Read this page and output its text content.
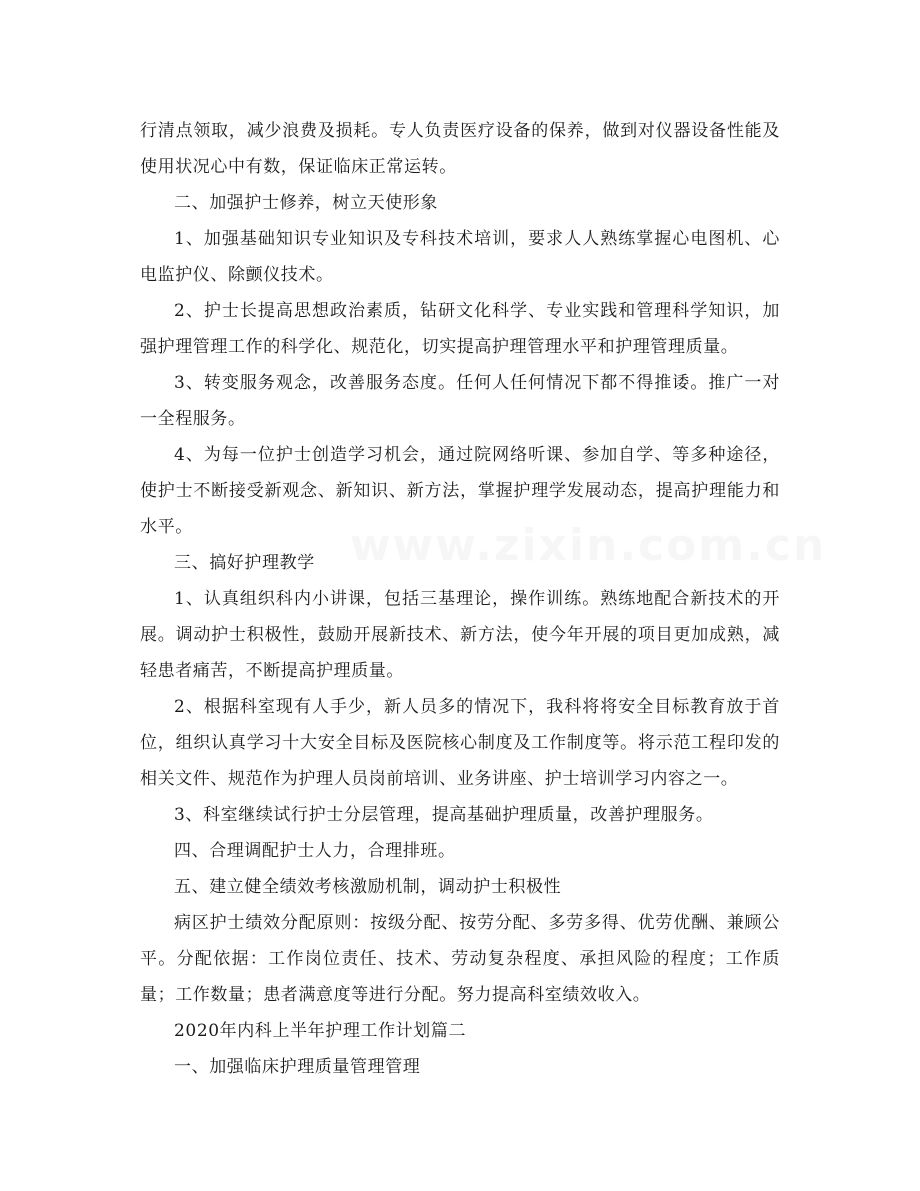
行清点领取，减少浪费及损耗。专人负责医疗设备的保养，做到对仪器设备性能及使用状况心中有数，保证临床正常运转。

二、加强护士修养，树立天使形象

1、加强基础知识专业知识及专科技术培训，要求人人熟练掌握心电图机、心电监护仪、除颤仪技术。

2、护士长提高思想政治素质，钻研文化科学、专业实践和管理科学知识，加强护理管理工作的科学化、规范化，切实提高护理管理水平和护理管理质量。

3、转变服务观念，改善服务态度。任何人任何情况下都不得推诿。推广一对一全程服务。

4、为每一位护士创造学习机会，通过院网络听课、参加自学、等多种途径，使护士不断接受新观念、新知识、新方法，掌握护理学发展动态，提高护理能力和水平。

三、搞好护理教学

1、认真组织科内小讲课，包括三基理论，操作训练。熟练地配合新技术的开展。调动护士积极性，鼓励开展新技术、新方法，使今年开展的项目更加成熟，减轻患者痛苦，不断提高护理质量。

2、根据科室现有人手少，新人员多的情况下，我科将将安全目标教育放于首位，组织认真学习十大安全目标及医院核心制度及工作制度等。将示范工程印发的相关文件、规范作为护理人员岗前培训、业务讲座、护士培训学习内容之一。

3、科室继续试行护士分层管理，提高基础护理质量，改善护理服务。

四、合理调配护士人力，合理排班。

五、建立健全绩效考核激励机制，调动护士积极性

病区护士绩效分配原则：按级分配、按劳分配、多劳多得、优劳优酬、兼顾公平。分配依据：工作岗位责任、技术、劳动复杂程度、承担风险的程度；工作质量；工作数量；患者满意度等进行分配。努力提高科室绩效收入。

2020年内科上半年护理工作计划篇二

一、加强临床护理质量管理管理
